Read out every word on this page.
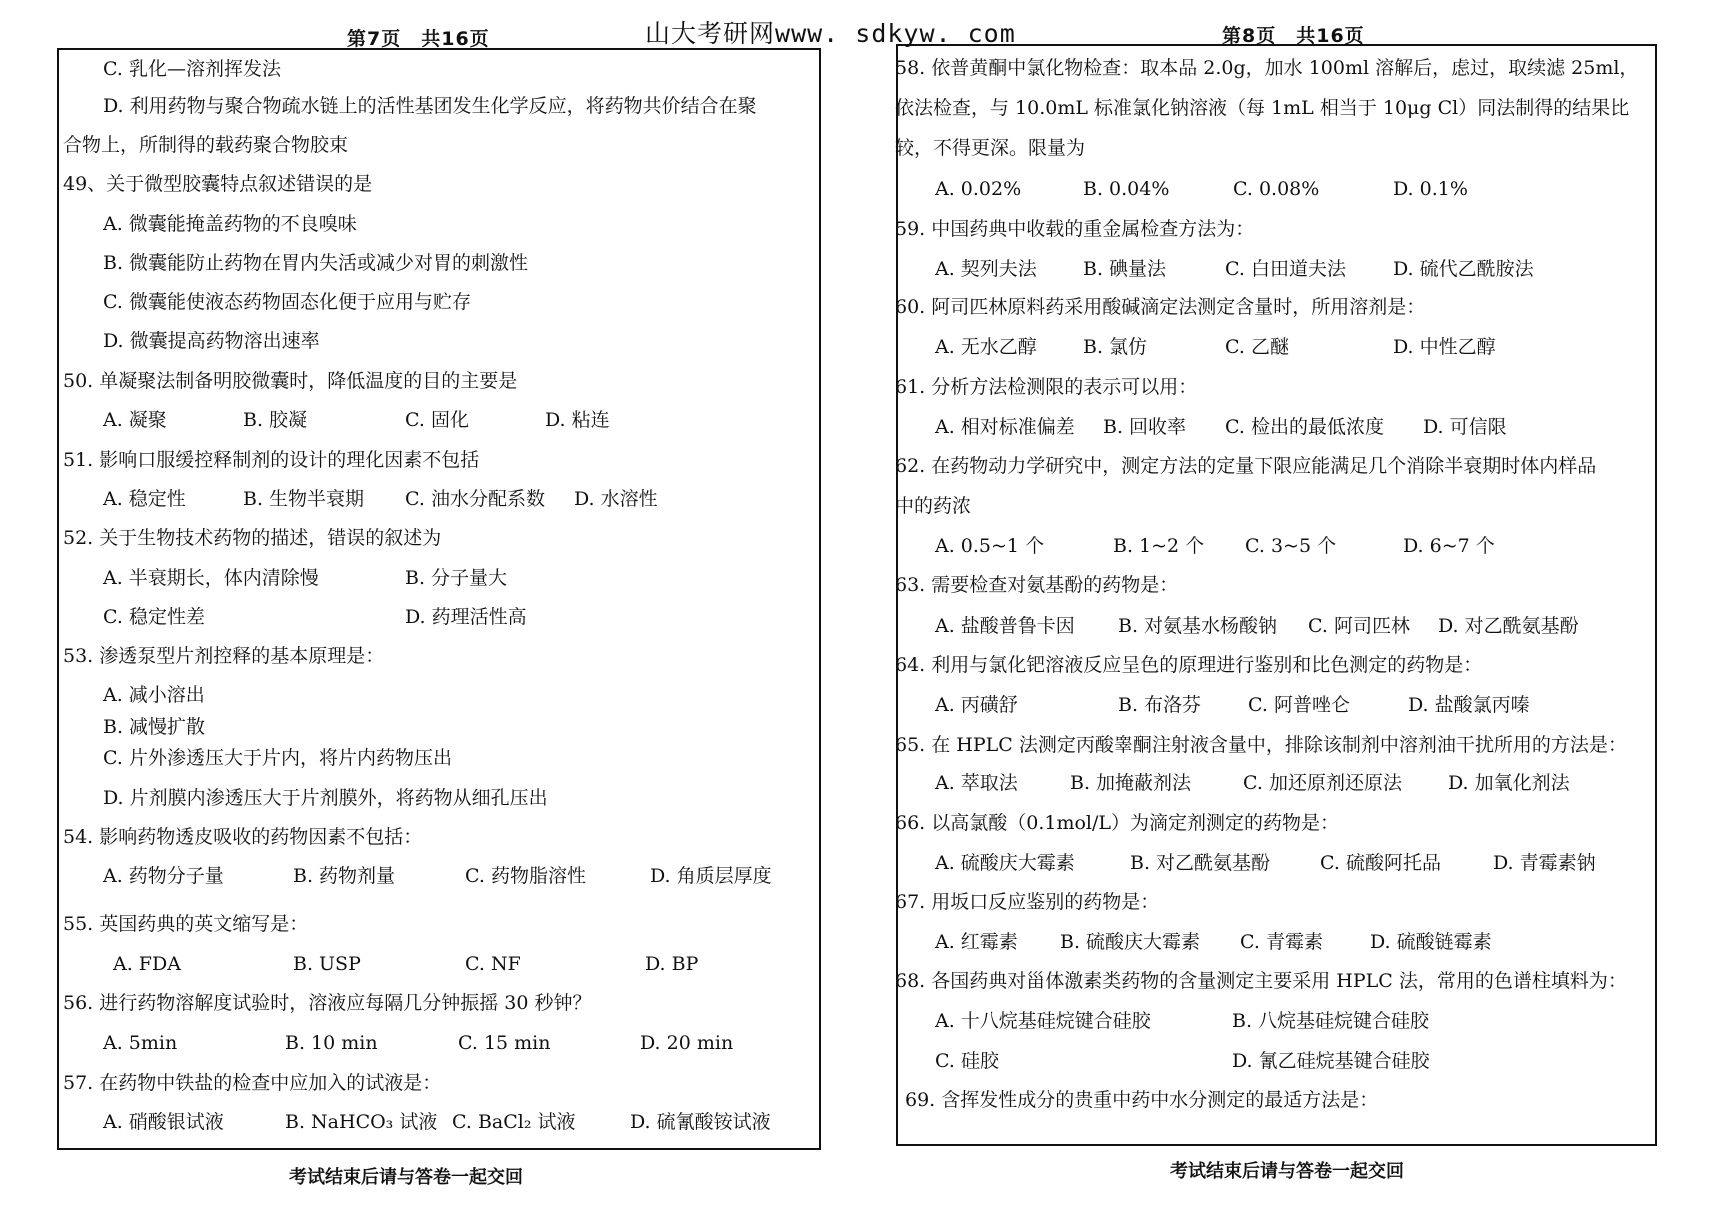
第7页　共16页	山大考研网www. sdkyw. com	第8页　共16页
C. 乳化—溶剂挥发法
D. 利用药物与聚合物疏水链上的活性基团发生化学反应，将药物共价结合在聚
合物上，所制得的载药聚合物胶束
49、关于微型胶囊特点叙述错误的是
A. 微囊能掩盖药物的不良嗅味
B. 微囊能防止药物在胃内失活或减少对胃的刺激性
C. 微囊能使液态药物固态化便于应用与贮存
D. 微囊提高药物溶出速率
50. 单凝聚法制备明胶微囊时，降低温度的目的主要是
A. 凝聚	B. 胶凝	C. 固化	D. 粘连
51. 影响口服缓控释制剂的设计的理化因素不包括
A. 稳定性	B. 生物半衰期 C. 油水分配系数 D. 水溶性
52. 关于生物技术药物的描述，错误的叙述为
A. 半衰期长，体内清除慢	B. 分子量大
C. 稳定性差	D. 药理活性高
53. 渗透泵型片剂控释的基本原理是：
A. 减小溶出
B. 减慢扩散
C. 片外渗透压大于片内，将片内药物压出
D. 片剂膜内渗透压大于片剂膜外，将药物从细孔压出
54. 影响药物透皮吸收的药物因素不包括：
A. 药物分子量	B. 药物剂量	C. 药物脂溶性	D. 角质层厚度
55. 英国药典的英文缩写是：
A. FDA	B. USP	C. NF	D. BP
56. 进行药物溶解度试验时，溶液应每隔几分钟振摇 30 秒钟？
A. 5min	B. 10 min	C. 15 min	D. 20 min
57. 在药物中铁盐的检查中应加入的试液是：
A. 硝酸银试液	B. NaHCO₃ 试液 C. BaCl₂ 试液	D. 硫氰酸铵试液
58. 依普黄酮中氯化物检查：取本品 2.0g，加水 100ml 溶解后，虑过，取续滤 25ml，
依法检查，与 10.0mL 标准氯化钠溶液（每 1mL 相当于 10μg Cl）同法制得的结果比
较，不得更深。限量为
A. 0.02%	B. 0.04%	C. 0.08%	D. 0.1%
59. 中国药典中收载的重金属检查方法为：
A. 契列夫法 B. 碘量法	C. 白田道夫法 D. 硫代乙酰胺法
60. 阿司匹林原料药采用酸碱滴定法测定含量时，所用溶剂是：
A. 无水乙醇 B. 氯仿	C. 乙醚	D. 中性乙醇
61. 分析方法检测限的表示可以用：
A. 相对标准偏差 B. 回收率 C. 检出的最低浓度 D. 可信限
62. 在药物动力学研究中，测定方法的定量下限应能满足几个消除半衰期时体内样品
中的药浓
A. 0.5~1 个	B. 1~2 个 C. 3~5 个	D. 6~7 个
63. 需要检查对氨基酚的药物是：
A. 盐酸普鲁卡因 B. 对氨基水杨酸钠 C. 阿司匹林 D. 对乙酰氨基酚
64. 利用与氯化钯溶液反应呈色的原理进行鉴别和比色测定的药物是：
A. 丙磺舒	B. 布洛芬 C. 阿普唑仑	D. 盐酸氯丙嗪
65. 在 HPLC 法测定丙酸睾酮注射液含量中，排除该制剂中溶剂油干扰所用的方法是：
A. 萃取法	B. 加掩蔽剂法	C. 加还原剂还原法 D. 加氧化剂法
66. 以高氯酸（0.1mol/L）为滴定剂测定的药物是：
A. 硫酸庆大霉素	B. 对乙酰氨基酚	C. 硫酸阿托品	D. 青霉素钠
67. 用坂口反应鉴别的药物是：
A. 红霉素 B. 硫酸庆大霉素 C. 青霉素 D. 硫酸链霉素
68. 各国药典对甾体激素类药物的含量测定主要采用 HPLC 法，常用的色谱柱填料为：
A. 十八烷基硅烷键合硅胶	B. 八烷基硅烷键合硅胶
C. 硅胶	D. 氰乙硅烷基键合硅胶
69. 含挥发性成分的贵重中药中水分测定的最适方法是：
考试结束后请与答卷一起交回	考试结束后请与答卷一起交回
